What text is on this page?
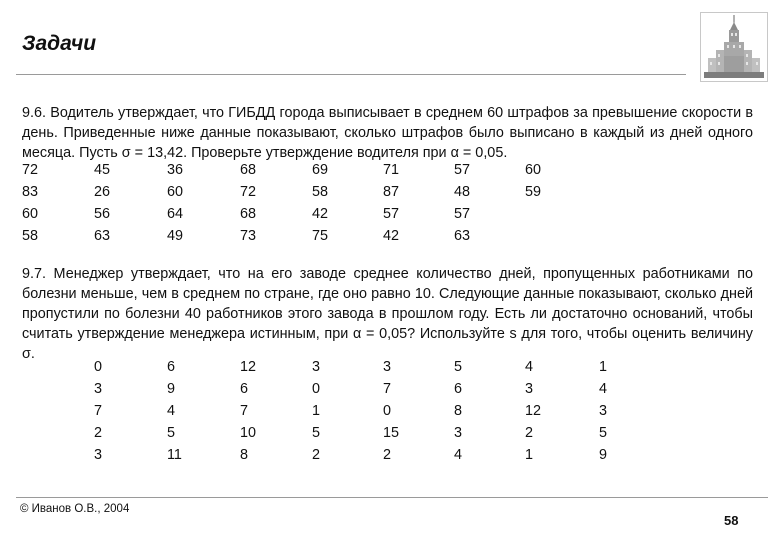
Задачи

9.6. Водитель утверждает, что ГИБДД города выписывает в среднем 60 штрафов за превышение скорости в день. Приведенные ниже данные показывают, сколько штрафов было выписано в каждый из дней одного месяца. Пусть σ = 13,42. Проверьте утверждение водителя при α = 0,05.

72	45	36	68	69	71	57	60
83	26	60	72	58	87	48	59
60	56	64	68	42	57	57
58	63	49	73	75	42	63

9.7. Менеджер утверждает, что на его заводе среднее количество дней, пропущенных работниками по болезни меньше, чем в среднем по стране, где оно равно 10. Следующие данные показывают, сколько дней пропустили по болезни 40 работников этого завода в прошлом году. Есть ли достаточно оснований, чтобы считать утверждение менеджера истинным, при α = 0,05? Используйте s для того, чтобы оценить величину σ.

0	6	12	3	3	5	4	1
3	9	6	0	7	6	3	4
7	4	7	1	0	8	12	3
2	5	10	5	15	3	2	5
3	11	8	2	2	4	1	9
© Иванов О.В., 2004
58
